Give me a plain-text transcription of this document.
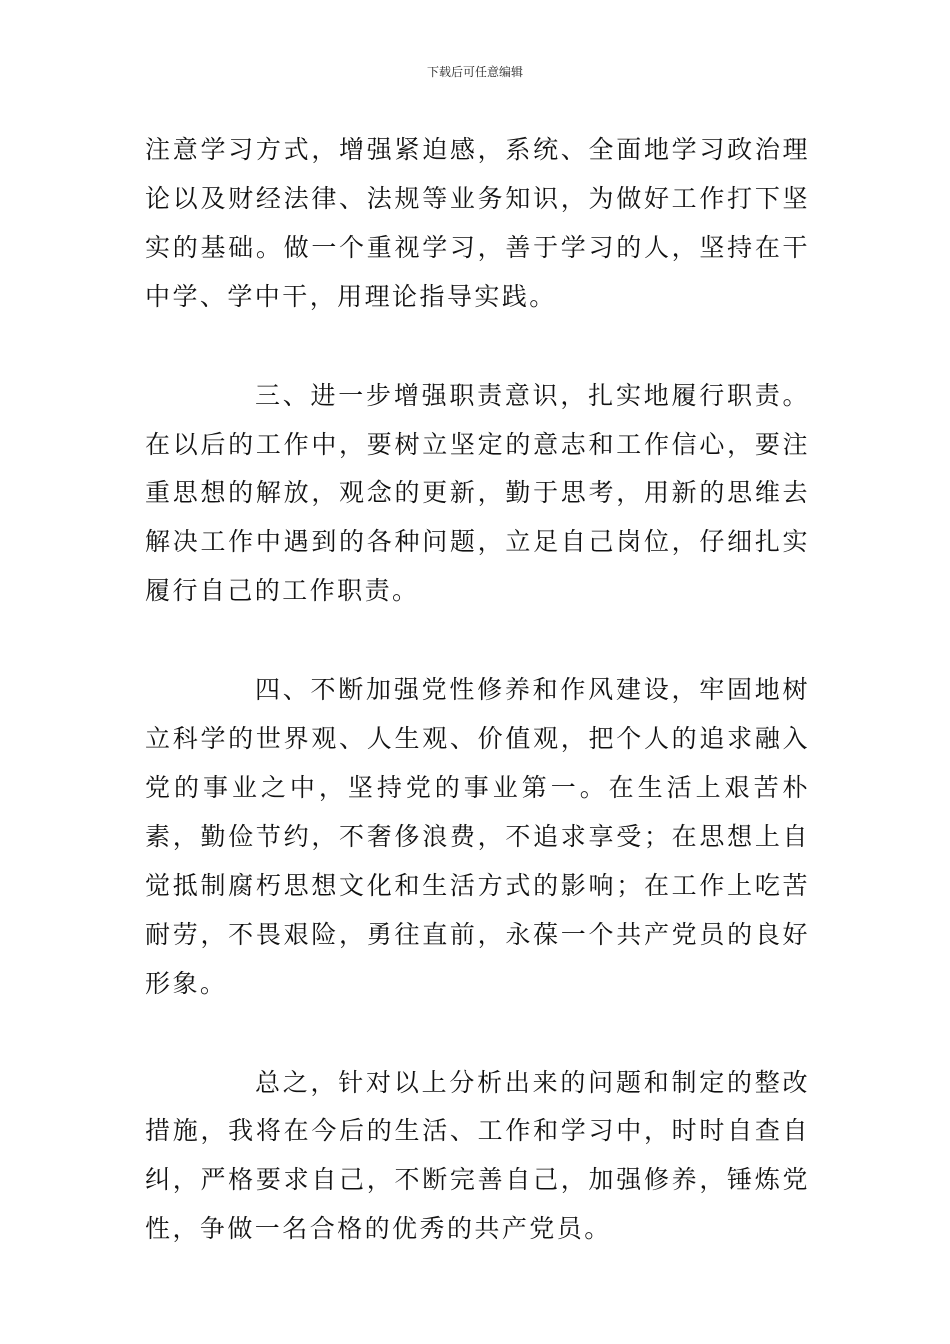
下载后可任意编辑

注意学习方式，增强紧迫感，系统、全面地学习政治理论以及财经法律、法规等业务知识，为做好工作打下坚实的基础。做一个重视学习，善于学习的人，坚持在干中学、学中干，用理论指导实践。

三、进一步增强职责意识，扎实地履行职责。在以后的工作中，要树立坚定的意志和工作信心，要注重思想的解放，观念的更新，勤于思考，用新的思维去解决工作中遇到的各种问题，立足自己岗位，仔细扎实履行自己的工作职责。

四、不断加强党性修养和作风建设，牢固地树立科学的世界观、人生观、价值观，把个人的追求融入党的事业之中，坚持党的事业第一。在生活上艰苦朴素，勤俭节约，不奢侈浪费，不追求享受；在思想上自觉抵制腐朽思想文化和生活方式的影响；在工作上吃苦耐劳，不畏艰险，勇往直前，永葆一个共产党员的良好形象。

总之，针对以上分析出来的问题和制定的整改措施，我将在今后的生活、工作和学习中，时时自查自纠，严格要求自己，不断完善自己，加强修养，锤炼党性，争做一名合格的优秀的共产党员。
